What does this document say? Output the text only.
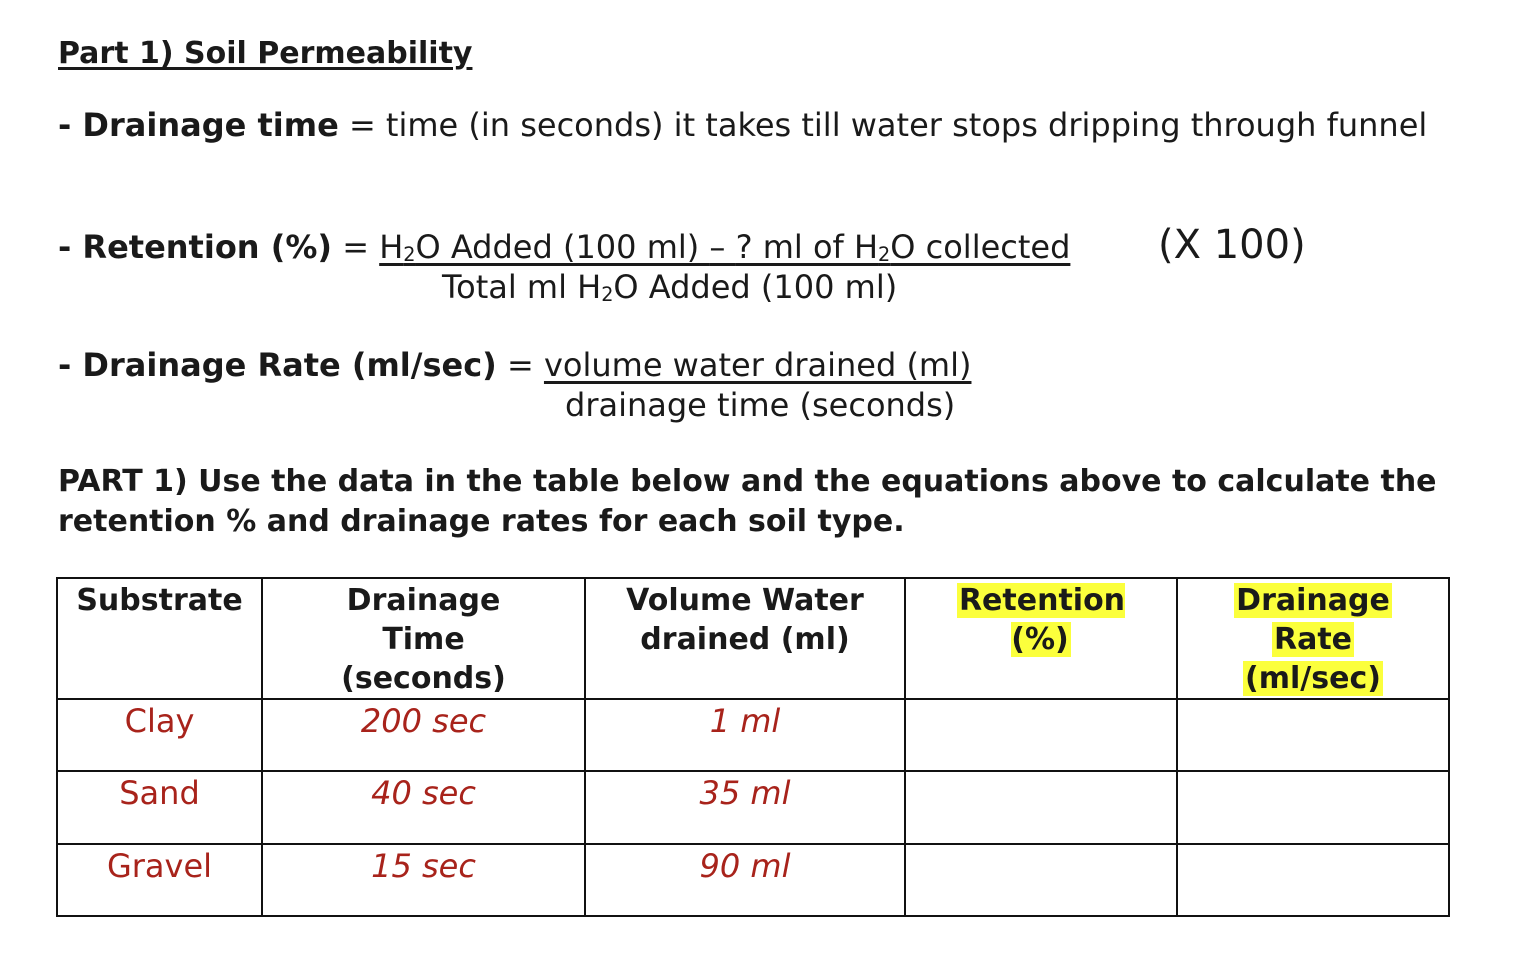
Part 1) Soil Permeability
- Drainage time = time (in seconds) it takes till water stops dripping through funnel
- Retention (%) = $H_2O$ Added (100 ml) – ? ml of $H_2O$ collected
Total ml $H_2O$ Added (100 ml)
(X 100)
- Drainage Rate (ml/sec) = volume water drained (ml)
drainage time (seconds)
PART 1) Use the data in the table below and the equations above to calculate the retention % and drainage rates for each soil type.
Substrate	Drainage Time (seconds)	Volume Water drained (ml)	Retention (%)	Drainage
Rate
(ml/sec)

Clay	200 sec	1 ml		
Sand	40 sec	35 ml		
Gravel	15 sec	90 ml		
